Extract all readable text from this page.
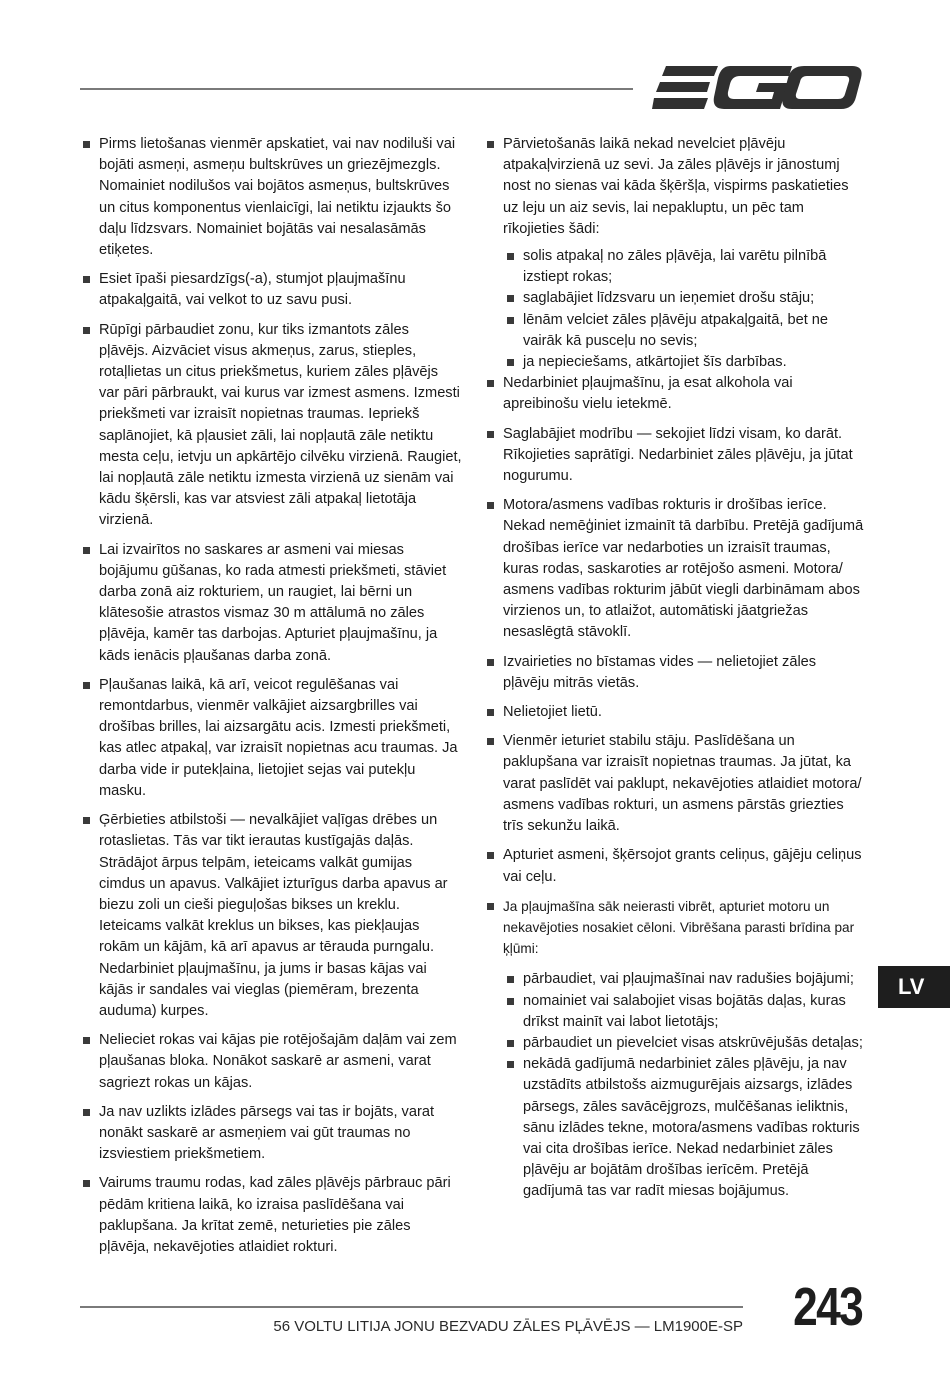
Pirms lietošanas vienmēr apskatiet, vai nav nodiluši vai bojāti asmeņi, asmeņu bultskrūves un griezējmezgls. Nomainiet nodilušos vai bojātos asmeņus, bultskrūves un citus komponentus vienlaicīgi, lai netiktu izjaukts šo daļu līdzsvars. Nomainiet bojātās vai nesalasāmās etiķetes.
Esiet īpaši piesardzīgs(-a), stumjot pļaujmašīnu atpakaļgaitā, vai velkot to uz savu pusi.
Rūpīgi pārbaudiet zonu, kur tiks izmantots zāles pļāvējs. Aizvāciet visus akmeņus, zarus, stieples, rotaļlietas un citus priekšmetus, kuriem zāles pļāvējs var pāri pārbraukt, vai kurus var izmest asmens. Izmesti priekšmeti var izraisīt nopietnas traumas. Iepriekš saplānojiet, kā pļausiet zāli, lai nopļautā zāle netiktu mesta ceļu, ietvju un apkārtējo cilvēku virzienā. Raugiet, lai nopļautā zāle netiktu izmesta virzienā uz sienām vai kādu šķērsli, kas var atsviest zāli atpakaļ lietotāja virzienā.
Lai izvairītos no saskares ar asmeni vai miesas bojājumu gūšanas, ko rada atmesti priekšmeti, stāviet darba zonā aiz rokturiem, un raugiet, lai bērni un klātesošie atrastos vismaz 30 m attālumā no zāles pļāvēja, kamēr tas darbojas. Apturiet pļaujmašīnu, ja kāds ienācis pļaušanas darba zonā.
Pļaušanas laikā, kā arī, veicot regulēšanas vai remontdarbus, vienmēr valkājiet aizsargbrilles vai drošības brilles, lai aizsargātu acis. Izmesti priekšmeti, kas atlec atpakaļ, var izraisīt nopietnas acu traumas. Ja darba vide ir putekļaina, lietojiet sejas vai putekļu masku.
Ģērbieties atbilstoši — nevalkājiet vaļīgas drēbes un rotaslietas. Tās var tikt ierautas kustīgajās daļās. Strādājot ārpus telpām, ieteicams valkāt gumijas cimdus un apavus. Valkājiet izturīgus darba apavus ar biezu zoli un cieši pieguļošas bikses un kreklu. Ieteicams valkāt kreklus un bikses, kas piekļaujas rokām un kājām, kā arī apavus ar tērauda purngalu. Nedarbiniet pļaujmašīnu, ja jums ir basas kājas vai kājās ir sandales vai vieglas (piemēram, brezenta auduma) kurpes.
Nelieciet rokas vai kājas pie rotējošajām daļām vai zem pļaušanas bloka. Nonākot saskarē ar asmeni, varat sagriezt rokas un kājas.
Ja nav uzlikts izlādes pārsegs vai tas ir bojāts, varat nonākt saskarē ar asmeņiem vai gūt traumas no izsviestiem priekšmetiem.
Vairums traumu rodas, kad zāles pļāvējs pārbrauc pāri pēdām kritiena laikā, ko izraisa paslīdēšana vai paklupšana. Ja krītat zemē, neturieties pie zāles pļāvēja, nekavējoties atlaidiet rokturi.
Pārvietošanās laikā nekad nevelciet pļāvēju atpakaļvirzienā uz sevi. Ja zāles pļāvējs ir jānostumj nost no sienas vai kāda šķēršļa, vispirms paskatieties uz leju un aiz sevis, lai nepakluptu, un pēc tam rīkojieties šādi:
solis atpakaļ no zāles pļāvēja, lai varētu pilnībā izstiept rokas;
saglabājiet līdzsvaru un ieņemiet drošu stāju;
lēnām velciet zāles pļāvēju atpakaļgaitā, bet ne vairāk kā pusceļu no sevis;
ja nepieciešams, atkārtojiet šīs darbības.
Nedarbiniet pļaujmašīnu, ja esat alkohola vai apreibinošu vielu ietekmē.
Saglabājiet modrību — sekojiet līdzi visam, ko darāt. Rīkojieties saprātīgi. Nedarbiniet zāles pļāvēju, ja jūtat nogurumu.
Motora/asmens vadības rokturis ir drošības ierīce. Nekad nemēģiniet izmainīt tā darbību. Pretējā gadījumā drošības ierīce var nedarboties un izraisīt traumas, kuras rodas, saskaroties ar rotējošo asmeni. Motora/ asmens vadības rokturim jābūt viegli darbināmam abos virzienos un, to atlaižot, automātiski jāatgriežas nesaslēgtā stāvoklī.
Izvairieties no bīstamas vides — nelietojiet zāles pļāvēju mitrās vietās.
Nelietojiet lietū.
Vienmēr ieturiet stabilu stāju. Paslīdēšana un paklupšana var izraisīt nopietnas traumas. Ja jūtat, ka varat paslīdēt vai paklupt, nekavējoties atlaidiet motora/ asmens vadības rokturi, un asmens pārstās griezties trīs sekunžu laikā.
Apturiet asmeni, šķērsojot grants celiņus, gājēju celiņus vai ceļu.
Ja pļaujmašīna sāk neierasti vibrēt, apturiet motoru un nekavējoties nosakiet cēloni. Vibrēšana parasti brīdina par ķļūmi:
pārbaudiet, vai pļaujmašīnai nav radušies bojājumi;
nomainiet vai salabojiet visas bojātās daļas, kuras drīkst mainīt vai labot lietotājs;
pārbaudiet un pievelciet visas atskrūvējušās detaļas;
nekādā gadījumā nedarbiniet zāles pļāvēju, ja nav uzstādīts atbilstošs aizmugurējais aizsargs, izlādes pārsegs, zāles savācējgrozs, mulčēšanas ieliktnis, sānu izlādes tekne, motora/asmens vadības rokturis vai cita drošības ierīce. Nekad nedarbiniet zāles pļāvēju ar bojātām drošības ierīcēm. Pretējā gadījumā tas var radīt miesas bojājumus.
LV
56 VOLTU LITIJA JONU BEZVADU ZĀLES PĻĀVĒJS — LM1900E-SP 243
